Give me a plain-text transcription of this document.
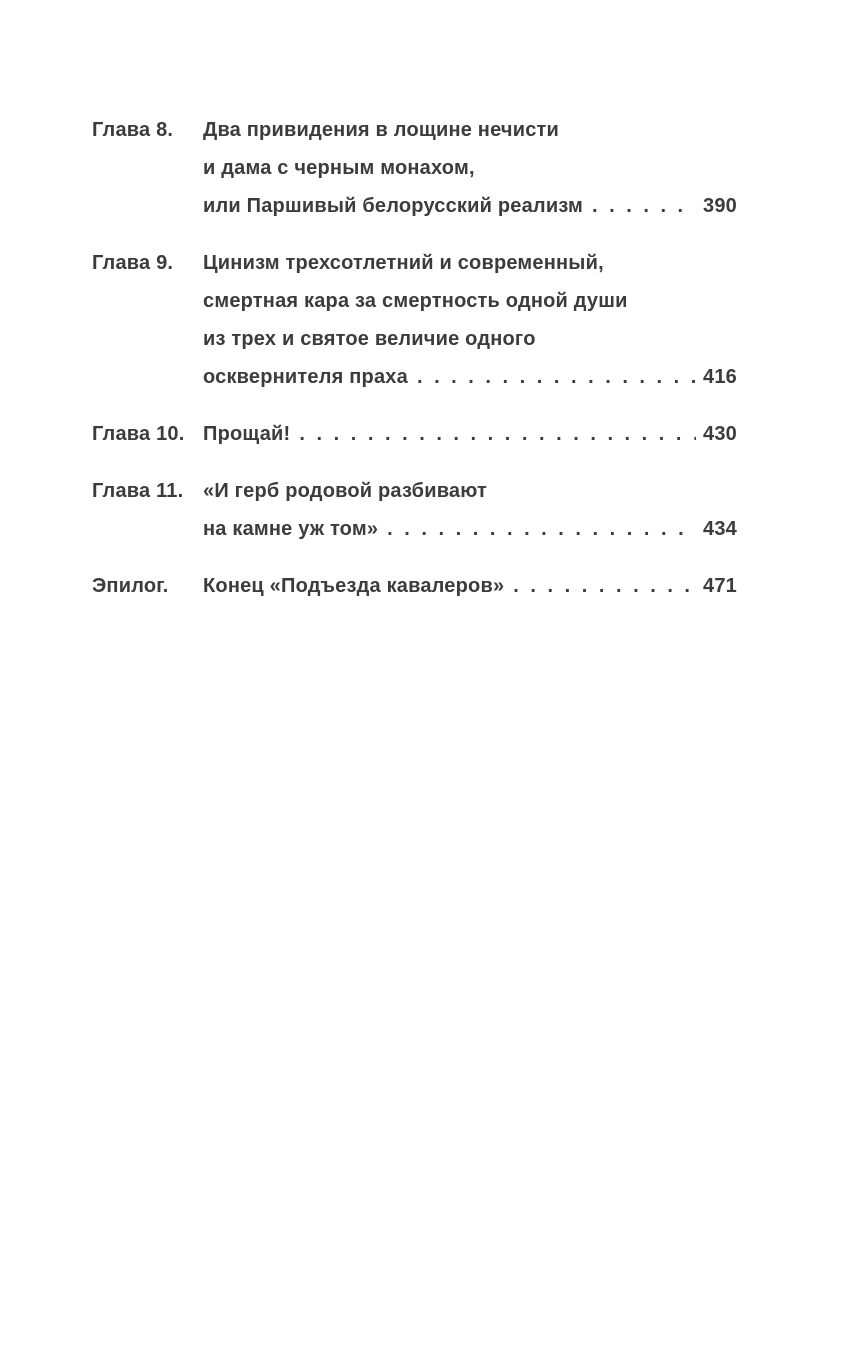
Глава 8.	Два привидения в лощине нечисти
и дама с черным монахом,
или Паршивый белорусский реализм . . .	390
Глава 9.	Цинизм трехсотлетний и современный,
смертная кара за смертность одной души
из трех и святое величие одного
осквернителя праха . . .	416
Глава 10. Прощай! . . .	430
Глава 11. «И герб родовой разбивают
на камне уж том» . . .	434
Эпилог.	Конец «Подъезда кавалеров» . . .	471
